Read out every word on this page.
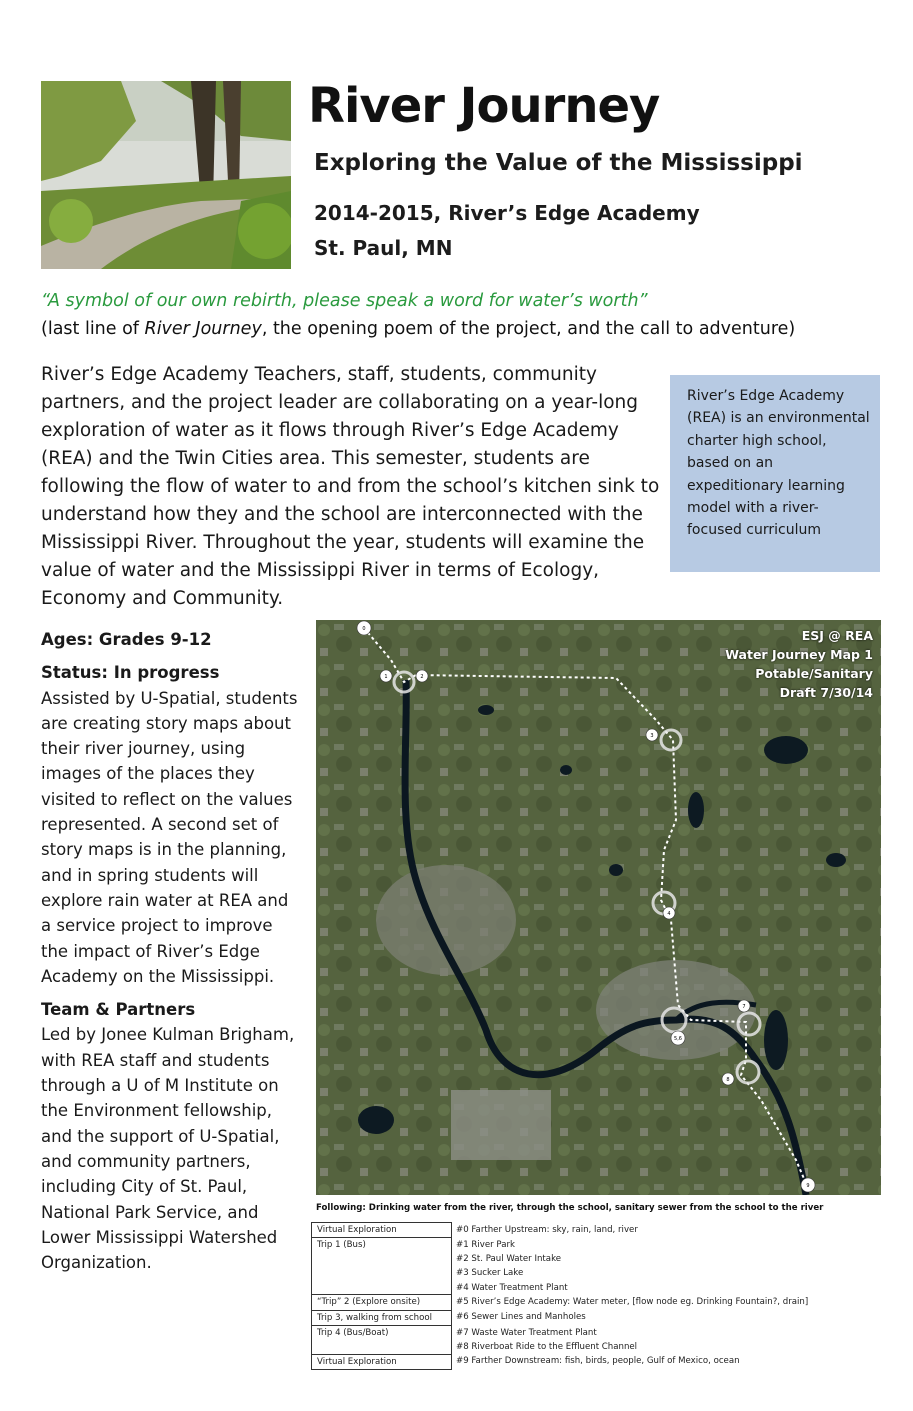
River Journey
Exploring the Value of the Mississippi
2014-2015, River’s Edge Academy
St. Paul, MN
“A symbol of our own rebirth, please speak a word for water’s worth”
(last line of River Journey, the opening poem of the project, and the call to adventure)
River’s Edge Academy Teachers, staff, students, community partners, and the project leader are collaborating on a year-long exploration of water as it flows through River’s Edge Academy (REA) and the Twin Cities area. This semester, students are following the flow of water to and from the school’s kitchen sink to understand how they and the school are interconnected with the Mississippi River. Throughout the year, students will examine the value of water and the Mississippi River in terms of Ecology, Economy and Community.
River’s Edge Academy (REA) is an environmental charter high school, based on an expeditionary learning model with a river-focused curriculum

Ages: Grades 9-12

Status: In progress

Assisted by U-Spatial, students are creating story maps about their river journey, using images of the places they visited to reflect on the values represented. A second set of story maps is in the planning, and in spring students will explore rain water at REA and a service project to improve the impact of River’s Edge Academy on the Mississippi.

Team & Partners

Led by Jonee Kulman Brigham, with REA staff and students through a U of M Institute on the Environment fellowship, and the support of U-Spatial, and community partners, including City of St. Paul, National Park Service, and Lower Mississippi Watershed Organization.

0
1	2
3
4
5,6
7
8
9
ESJ @ REA
Water Journey Map 1
Potable/Sanitary
Draft 7/30/14
Following: Drinking water from the river, through the school, sanitary sewer from the school to the river
Virtual Exploration	#0 Farther Upstream: sky, rain, land, river

Trip 1 (Bus)	#1 River Park
#2 St. Paul Water Intake
#3 Sucker Lake
#4 Water Treatment Plant

“Trip” 2 (Explore onsite)	#5 River’s Edge Academy: Water meter, [flow node eg. Drinking Fountain?, drain]

Trip 3, walking from school	#6 Sewer Lines and Manholes

Trip 4 (Bus/Boat)	#7 Waste Water Treatment Plant
#8 Riverboat Ride to the Effluent Channel

Virtual Exploration	#9 Farther Downstream: fish, birds, people, Gulf of Mexico, ocean
